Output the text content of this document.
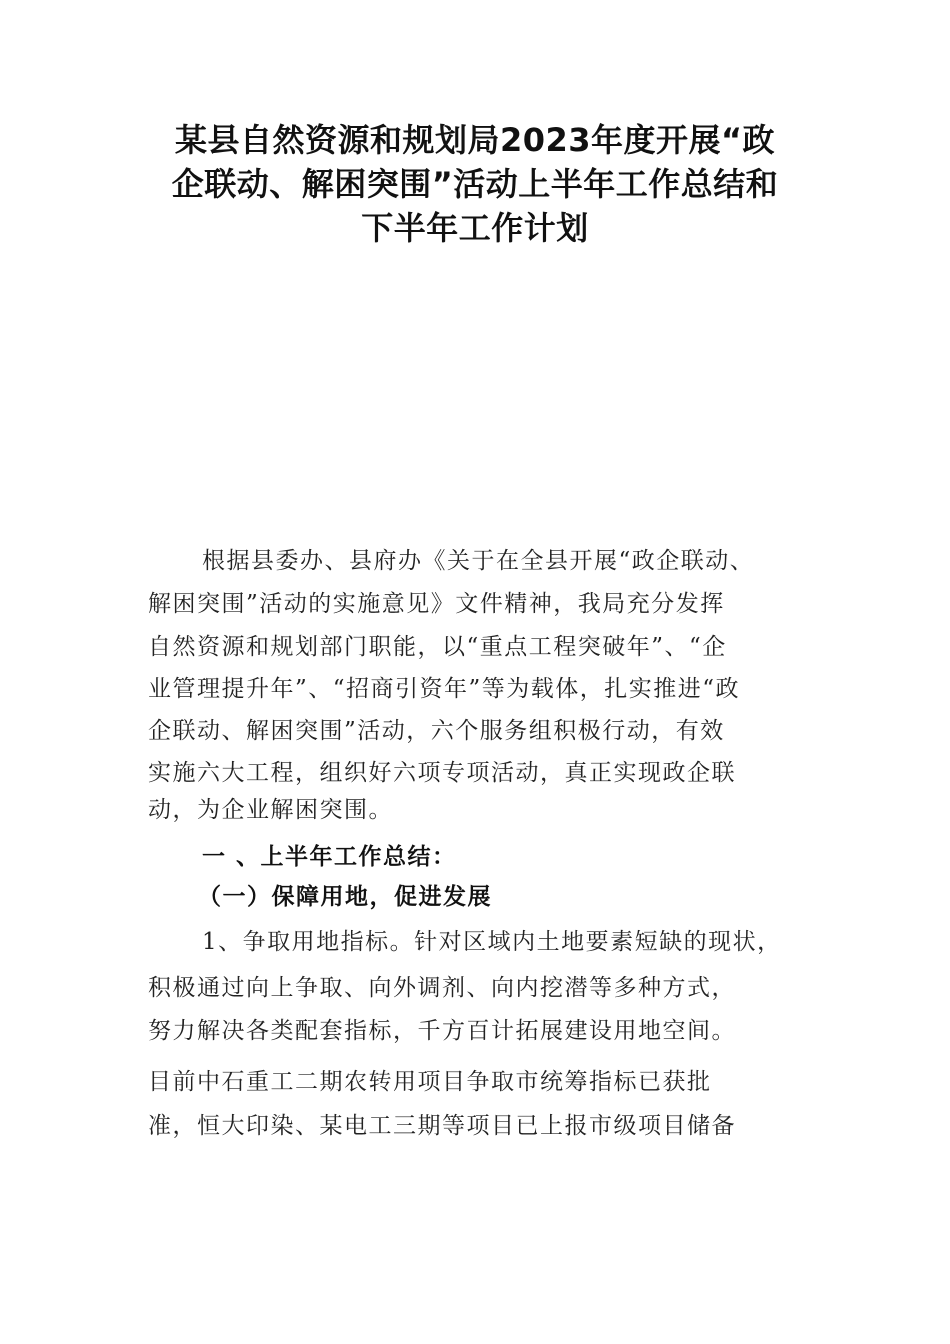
某县自然资源和规划局2023年度开展“政
企联动、解困突围”活动上半年工作总结和
下半年工作计划
根据县委办、县府办《关于在全县开展“政企联动、
解困突围”活动的实施意见》文件精神，我局充分发挥
自然资源和规划部门职能，以“重点工程突破年”、“企
业管理提升年”、“招商引资年”等为载体，扎实推进“政
企联动、解困突围”活动，六个服务组积极行动，有效
实施六大工程，组织好六项专项活动，真正实现政企联
动，为企业解困突围。
一 、上半年工作总结：
（一）保障用地，促进发展
1、争取用地指标。针对区域内土地要素短缺的现状，
积极通过向上争取、向外调剂、向内挖潜等多种方式，
努力解决各类配套指标，千方百计拓展建设用地空间。
目前中石重工二期农转用项目争取市统筹指标已获批
准，恒大印染、某电工三期等项目已上报市级项目储备
